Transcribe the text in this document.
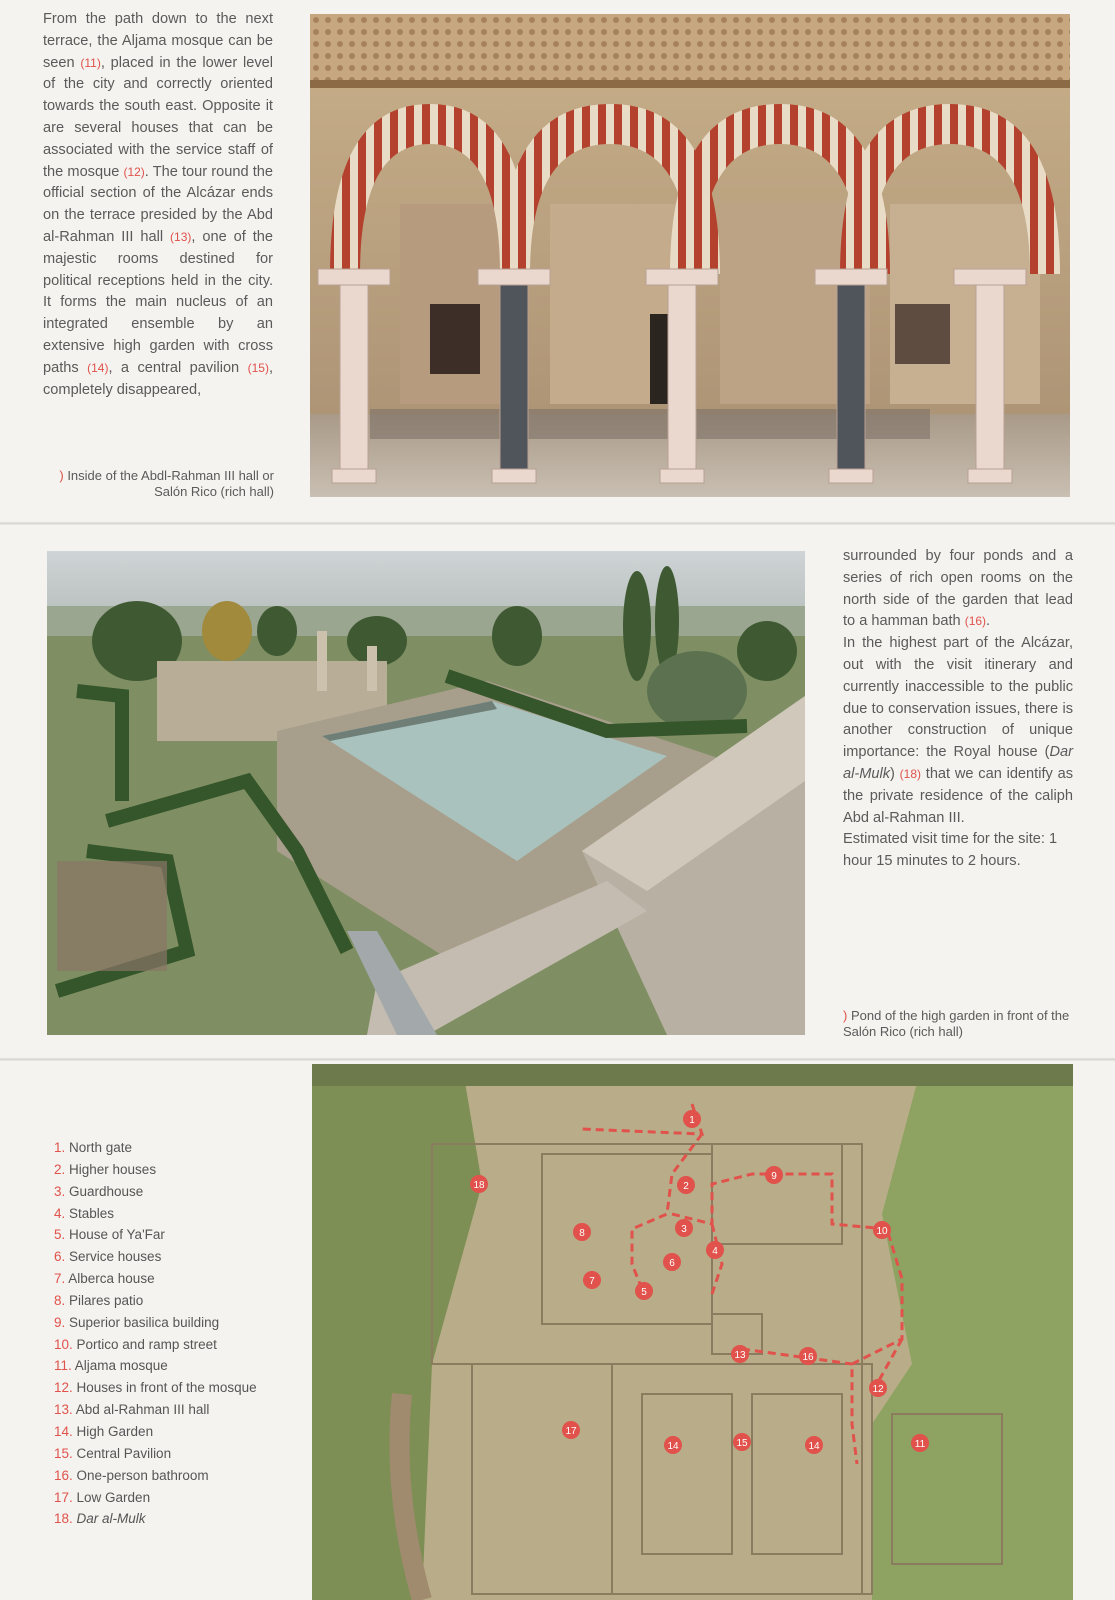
From the path down to the next terrace, the Aljama mosque can be seen (11), placed in the lower level of the city and correctly oriented towards the south east. Opposite it are several houses that can be associated with the service staff of the mosque (12). The tour round the official section of the Alcázar ends on the terrace presided by the Abd al-Rahman III hall (13), one of the majestic rooms destined for political receptions held in the city. It forms the main nucleus of an integrated ensemble by an extensive high garden with cross paths (14), a central pavilion (15), completely disappeared,
) Inside of the Abdl-Rahman III hall or Salón Rico (rich hall)
surrounded by four ponds and a series of rich open rooms on the north side of the garden that lead to a hamman bath (16).
In the highest part of the Alcázar, out with the visit itinerary and currently inaccessible to the public due to conservation issues, there is another construction of unique importance: the Royal house (Dar al-Mulk) (18) that we can identify as the private residence of the caliph Abd al-Rahman III.
Estimated visit time for the site: 1 hour 15 minutes to 2 hours.
) Pond of the high garden in front of the Salón Rico (rich hall)
1. North gate
2. Higher houses
3. Guardhouse
4. Stables
5. House of Ya'Far
6. Service houses
7. Alberca house
8. Pilares patio
9. Superior basilica building
10. Portico and ramp street
11. Aljama mosque
12. Houses in front of the mosque
13. Abd al-Rahman III hall
14. High Garden
15. Central Pavilion
16. One-person bathroom
17. Low Garden
18. Dar al-Mulk
1
2
3
4
5
6
7
8
9
10
11
12
13
14	15	14
16
17
18
